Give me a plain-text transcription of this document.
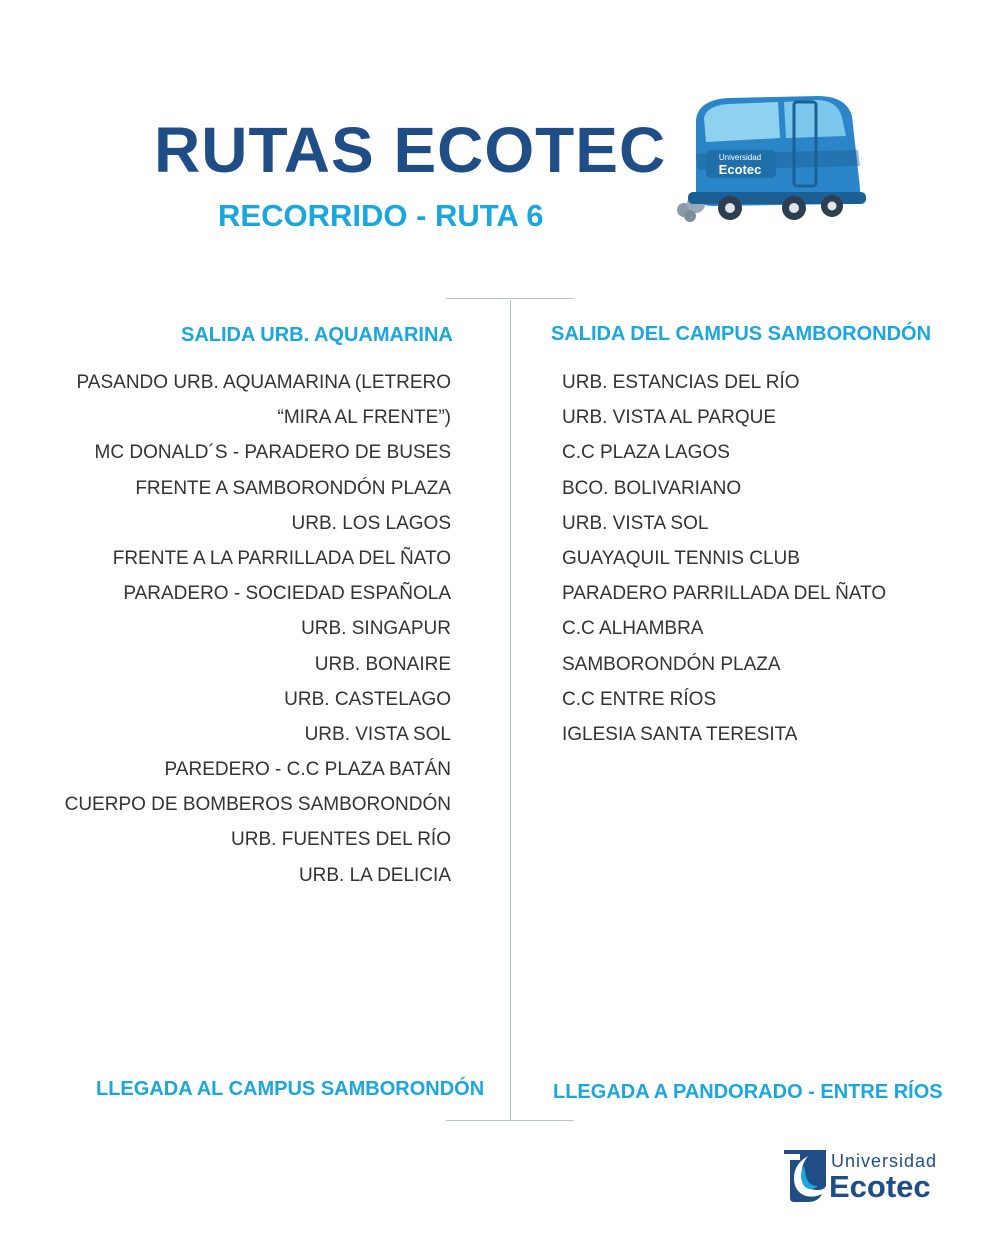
RUTAS ECOTEC
RECORRIDO - RUTA 6
Universidad
Ecotec
SALIDA URB. AQUAMARINA
PASANDO URB. AQUAMARINA (LETRERO
“MIRA AL FRENTE”)
MC DONALD´S - PARADERO DE BUSES
FRENTE A SAMBORONDÓN PLAZA
URB. LOS LAGOS
FRENTE A LA PARRILLADA DEL ÑATO
PARADERO - SOCIEDAD ESPAÑOLA
URB. SINGAPUR
URB. BONAIRE
URB. CASTELAGO
URB. VISTA SOL
PAREDERO - C.C PLAZA BATÁN
CUERPO DE BOMBEROS SAMBORONDÓN
URB. FUENTES DEL RÍO
URB. LA DELICIA
SALIDA DEL CAMPUS SAMBORONDÓN
URB. ESTANCIAS DEL RÍO
URB. VISTA AL PARQUE
C.C PLAZA LAGOS
BCO. BOLIVARIANO
URB. VISTA SOL
GUAYAQUIL TENNIS CLUB
PARADERO PARRILLADA DEL ÑATO
C.C ALHAMBRA
SAMBORONDÓN PLAZA
C.C ENTRE RÍOS
IGLESIA SANTA TERESITA
LLEGADA AL CAMPUS SAMBORONDÓN	LLEGADA A PANDORADO - ENTRE RÍOS
Universidad
Ecotec
